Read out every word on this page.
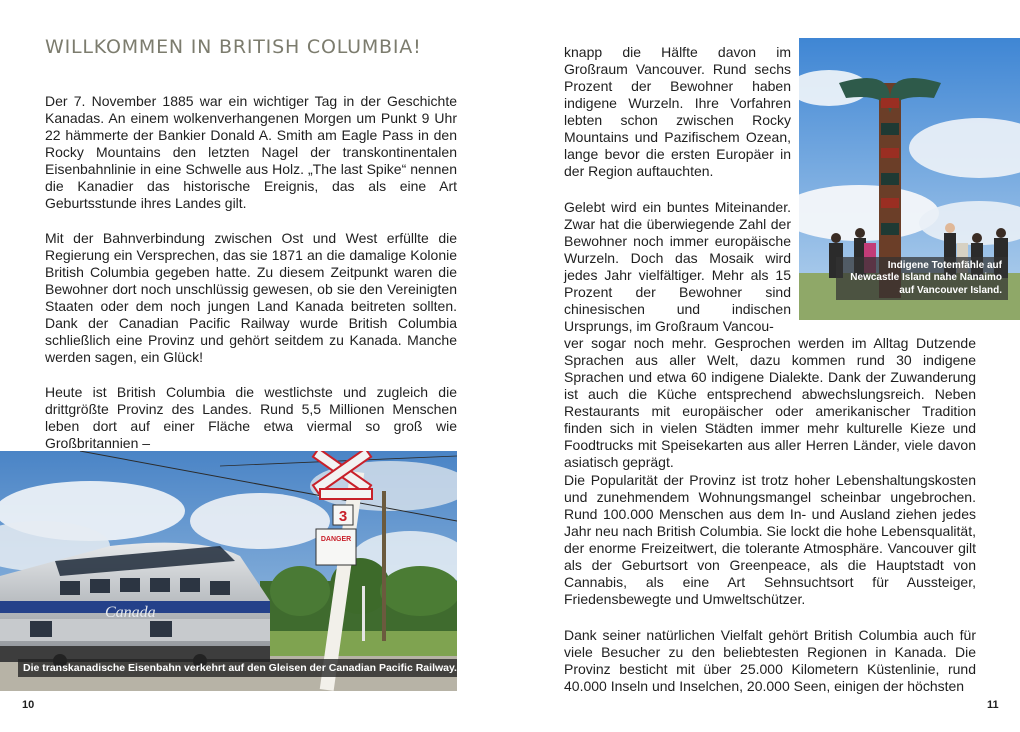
WILLKOMMEN IN BRITISH COLUMBIA!

Der 7. November 1885 war ein wichtiger Tag in der Geschichte Kanadas. An einem wolkenverhangenen Morgen um Punkt 9 Uhr 22 hämmerte der Bankier Donald A. Smith am Eagle Pass in den Rocky Mountains den letzten Nagel der transkontinentalen Eisenbahnlinie in eine Schwelle aus Holz. „The last Spike“ nennen die Kanadier das historische Ereignis, das als eine Art Geburtsstunde ihres Landes gilt.

Mit der Bahnverbindung zwischen Ost und West erfüllte die Regierung ein Versprechen, das sie 1871 an die damalige Kolonie British Columbia gegeben hatte. Zu diesem Zeitpunkt waren die Bewohner dort noch unschlüssig gewesen, ob sie den Vereinigten Staaten oder dem noch jungen Land Kanada beitreten sollten. Dank der Canadian Pacific Railway wurde British Columbia schließlich eine Provinz und gehört seitdem zu Kanada. Manche werden sagen, ein Glück!

Heute ist British Columbia die westlichste und zugleich die drittgrößte Provinz des Landes. Rund 5,5 Millionen Menschen leben dort auf einer Fläche etwa viermal so groß wie Großbritannien –

Canada
3
DANGER
Die transkanadische Eisenbahn verkehrt auf den Gleisen der Canadian Pacific Railway.
10

knapp die Hälfte davon im Großraum Vancouver. Rund sechs Prozent der Bewohner haben indigene Wurzeln. Ihre Vorfahren lebten schon zwischen Rocky Mountains und Pazifischem Ozean, lange bevor die ersten Europäer in der Region auftauchten.

Gelebt wird ein buntes Miteinander. Zwar hat die überwiegende Zahl der Bewohner noch immer europäische Wurzeln. Doch das Mosaik wird jedes Jahr vielfältiger. Mehr als 15 Prozent der Bewohner sind chinesischen und indischen Ursprungs, im Großraum Vancou-

ver sogar noch mehr. Gesprochen werden im Alltag Dutzende Sprachen aus aller Welt, dazu kommen rund 30 indigene Sprachen und etwa 60 indigene Dialekte. Dank der Zuwanderung ist auch die Küche entsprechend abwechslungsreich. Neben Restaurants mit europäischer oder amerikanischer Tradition finden sich in vielen Städten immer mehr kulturelle Kieze und Foodtrucks mit Speisekarten aus aller Herren Länder, viele davon asiatisch geprägt.

Die Popularität der Provinz ist trotz hoher Lebenshaltungskosten und zunehmendem Wohnungsmangel scheinbar ungebrochen. Rund 100.000 Menschen aus dem In- und Ausland ziehen jedes Jahr neu nach British Columbia. Sie lockt die hohe Lebensqualität, der enorme Freizeitwert, die tolerante Atmosphäre. Vancouver gilt als der Geburtsort von Greenpeace, als die Hauptstadt von Cannabis, als eine Art Sehnsuchtsort für Aussteiger, Friedensbewegte und Umweltschützer.

Dank seiner natürlichen Vielfalt gehört British Columbia auch für viele Besucher zu den beliebtesten Regionen in Kanada. Die Provinz besticht mit über 25.000 Kilometern Küstenlinie, rund 40.000 Inseln und Inselchen, 20.000 Seen, einigen der höchsten

Indigene Totemfähle auf Newcastle Island nahe Nanaimo auf Vancouver Island.
11
